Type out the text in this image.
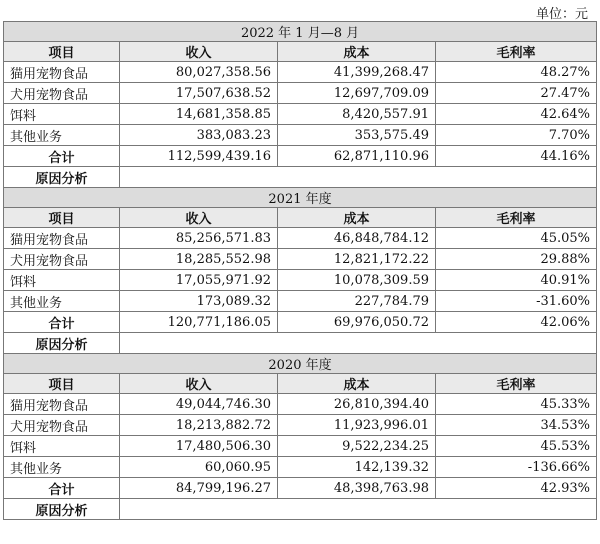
单位：元
2022 年 1 月—8 月			
项目	收入	成本	毛利率
猫用宠物食品	80,027,358.56	41,399,268.47	48.27%
犬用宠物食品	17,507,638.52	12,697,709.09	27.47%
饵料	14,681,358.85	8,420,557.91	42.64%
其他业务	383,083.23	353,575.49	7.70%
合计	112,599,439.16	62,871,110.96	44.16%
原因分析			
2021 年度			
项目	收入	成本	毛利率
猫用宠物食品	85,256,571.83	46,848,784.12	45.05%
犬用宠物食品	18,285,552.98	12,821,172.22	29.88%
饵料	17,055,971.92	10,078,309.59	40.91%
其他业务	173,089.32	227,784.79	-31.60%
合计	120,771,186.05	69,976,050.72	42.06%
原因分析			
2020 年度			
项目	收入	成本	毛利率
猫用宠物食品	49,044,746.30	26,810,394.40	45.33%
犬用宠物食品	18,213,882.72	11,923,996.01	34.53%
饵料	17,480,506.30	9,522,234.25	45.53%
其他业务	60,060.95	142,139.32	-136.66%
合计	84,799,196.27	48,398,763.98	42.93%
原因分析			
